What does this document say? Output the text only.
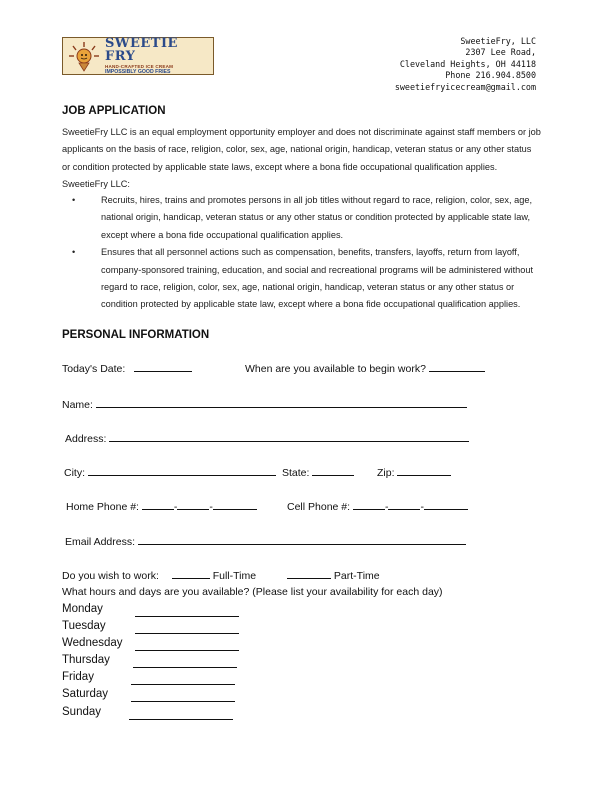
SWEETIE FRY
HAND-CRAFTED ICE CREAM
IMPOSSIBLY GOOD FRIES
SweetieFry, LLC
2307 Lee Road,
Cleveland Heights, OH 44118
Phone 216.904.8500
sweetiefryicecream@gmail.com
JOB APPLICATION

SweetieFry LLC is an equal employment opportunity employer and does not discriminate against staff members or job applicants on the basis of race, religion, color, sex, age, national origin, handicap, veteran status or any other status or condition protected by applicable state laws, except where a bona fide occupational qualification applies.

SweetieFry LLC:

•	Recruits, hires, trains and promotes persons in all job titles without regard to race, religion, color, sex, age, national origin, handicap, veteran status or any other status or condition protected by applicable state law, except where a bona fide occupational qualification applies.
•	Ensures that all personnel actions such as compensation, benefits, transfers, layoffs, return from layoff, company-sponsored training, education, and social and recreational programs will be administered without regard to race, religion, color, sex, age, national origin, handicap, veteran status or any other status or condition protected by applicable state law, except where a bona fide occupational qualification applies.
PERSONAL INFORMATION
Today's Date:	When are you available to begin work?
Name:
Address:
City:	State:	Zip:
Home Phone #:	-	-	Cell Phone #:	-	-
Email Address:
Do you wish to work:	Full-Time	Part-Time
What hours and days are you available? (Please list your availability for each day)
Monday
Tuesday
Wednesday
Thursday
Friday
Saturday
Sunday
